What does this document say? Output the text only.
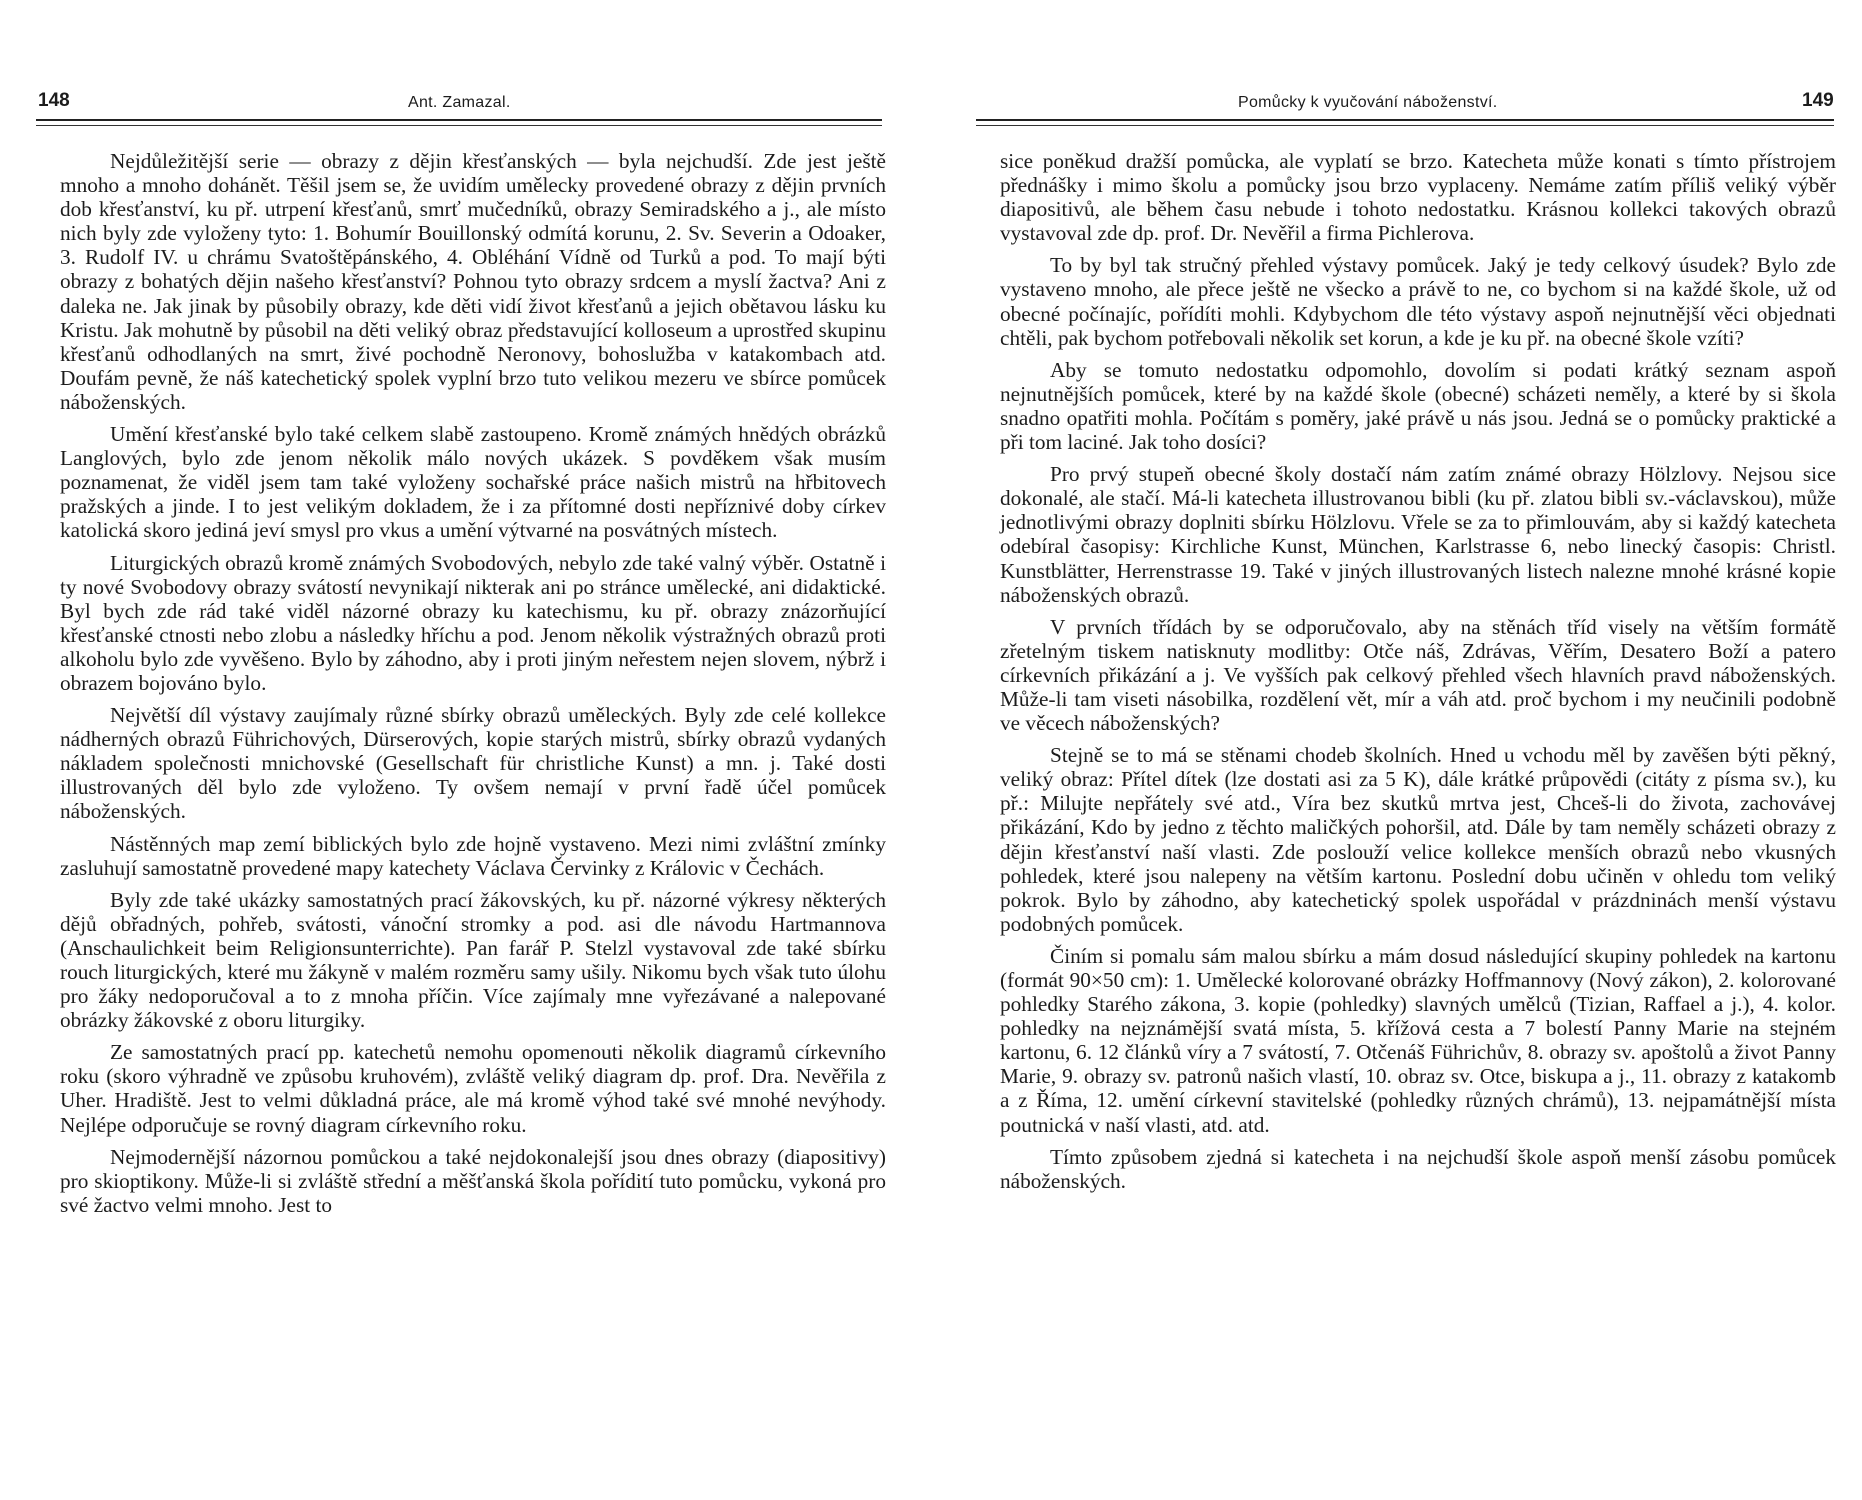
148	Ant. Zamazal.

Nejdůležitější serie — obrazy z dějin křesťanských — byla nejchudší. Zde jest ještě mnoho a mnoho dohánět. Těšil jsem se, že uvidím umělecky provedené obrazy z dějin prvních dob křesťanství, ku př. utrpení křesťanů, smrť mučedníků, obrazy Semiradského a j., ale místo nich byly zde vyloženy tyto: 1. Bohumír Bouillonský odmítá korunu, 2. Sv. Severin a Odoaker, 3. Rudolf IV. u chrámu Svatoštěpánského, 4. Obléhání Vídně od Turků a pod. To mají býti obrazy z bohatých dějin našeho křesťanství? Pohnou tyto obrazy srdcem a myslí žactva? Ani z daleka ne. Jak jinak by působily obrazy, kde děti vidí život křesťanů a jejich obětavou lásku ku Kristu. Jak mohutně by působil na děti veliký obraz představující kolloseum a uprostřed skupinu křesťanů odhodlaných na smrt, živé pochodně Neronovy, bohoslužba v katakombach atd. Doufám pevně, že náš katechetický spolek vyplní brzo tuto velikou mezeru ve sbírce pomůcek náboženských.

Umění křesťanské bylo také celkem slabě zastoupeno. Kromě známých hnědých obrázků Langlových, bylo zde jenom několik málo nových ukázek. S povděkem však musím poznamenat, že viděl jsem tam také vyloženy sochařské práce našich mistrů na hřbitovech pražských a jinde. I to jest velikým dokladem, že i za přítomné dosti nepříznivé doby církev katolická skoro jediná jeví smysl pro vkus a umění výtvarné na posvátných místech.

Liturgických obrazů kromě známých Svobodových, nebylo zde také valný výběr. Ostatně i ty nové Svobodovy obrazy svátostí nevynikají nikterak ani po stránce umělecké, ani didaktické. Byl bych zde rád také viděl názorné obrazy ku katechismu, ku př. obrazy znázorňující křesťanské ctnosti nebo zlobu a následky hříchu a pod. Jenom několik výstražných obrazů proti alkoholu bylo zde vyvěšeno. Bylo by záhodno, aby i proti jiným neřestem nejen slovem, nýbrž i obrazem bojováno bylo.

Největší díl výstavy zaujímaly různé sbírky obrazů uměleckých. Byly zde celé kollekce nádherných obrazů Führichových, Dürserových, kopie starých mistrů, sbírky obrazů vydaných nákladem společnosti mnichovské (Gesellschaft für christliche Kunst) a mn. j. Také dosti illustrovaných děl bylo zde vyloženo. Ty ovšem nemají v první řadě účel pomůcek náboženských.

Nástěnných map zemí biblických bylo zde hojně vystaveno. Mezi nimi zvláštní zmínky zasluhují samostatně provedené mapy katechety Václava Červinky z Královic v Čechách.

Byly zde také ukázky samostatných prací žákovských, ku př. názorné výkresy některých dějů obřadných, pohřeb, svátosti, vánoční stromky a pod. asi dle návodu Hartmannova (Anschaulichkeit beim Religionsunterrichte). Pan farář P. Stelzl vystavoval zde také sbírku rouch liturgických, které mu žákyně v malém rozměru samy ušily. Nikomu bych však tuto úlohu pro žáky nedoporučoval a to z mnoha příčin. Více zajímaly mne vyřezávané a nalepované obrázky žákovské z oboru liturgiky.

Ze samostatných prací pp. katechetů nemohu opomenouti několik diagramů církevního roku (skoro výhradně ve způsobu kruhovém), zvláště veliký diagram dp. prof. Dra. Nevěřila z Uher. Hradiště. Jest to velmi důkladná práce, ale má kromě výhod také své mnohé nevýhody. Nejlépe odporučuje se rovný diagram církevního roku.

Nejmodernější názornou pomůckou a také nejdokonalejší jsou dnes obrazy (diapositivy) pro skioptikony. Může-li si zvláště střední a měšťanská škola pořídití tuto pomůcku, vykoná pro své žactvo velmi mnoho. Jest to

Pomůcky k vyučování náboženství.	149

sice poněkud dražší pomůcka, ale vyplatí se brzo. Katecheta může konati s tímto přístrojem přednášky i mimo školu a pomůcky jsou brzo vyplaceny. Nemáme zatím příliš veliký výběr diapositivů, ale během času nebude i tohoto nedostatku. Krásnou kollekci takových obrazů vystavoval zde dp. prof. Dr. Nevěřil a firma Pichlerova.

To by byl tak stručný přehled výstavy pomůcek. Jaký je tedy celkový úsudek? Bylo zde vystaveno mnoho, ale přece ještě ne všecko a právě to ne, co bychom si na každé škole, už od obecné počínajíc, pořídíti mohli. Kdybychom dle této výstavy aspoň nejnutnější věci objednati chtěli, pak bychom potřebovali několik set korun, a kde je ku př. na obecné škole vzíti?

Aby se tomuto nedostatku odpomohlo, dovolím si podati krátký seznam aspoň nejnutnějších pomůcek, které by na každé škole (obecné) scházeti neměly, a které by si škola snadno opatřiti mohla. Počítám s poměry, jaké právě u nás jsou. Jedná se o pomůcky praktické a při tom laciné. Jak toho dosíci?

Pro prvý stupeň obecné školy dostačí nám zatím známé obrazy Hölzlovy. Nejsou sice dokonalé, ale stačí. Má-li katecheta illustrovanou bibli (ku př. zlatou bibli sv.-václavskou), může jednotlivými obrazy doplniti sbírku Hölzlovu. Vřele se za to přimlouvám, aby si každý katecheta odebíral časopisy: Kirchliche Kunst, München, Karlstrasse 6, nebo linecký časopis: Christl. Kunstblätter, Herrenstrasse 19. Také v jiných illustrovaných listech nalezne mnohé krásné kopie náboženských obrazů.

V prvních třídách by se odporučovalo, aby na stěnách tříd visely na větším formátě zřetelným tiskem natisknuty modlitby: Otče náš, Zdrávas, Věřím, Desatero Boží a patero církevních přikázání a j. Ve vyšších pak celkový přehled všech hlavních pravd náboženských. Může-li tam viseti násobilka, rozdělení vět, mír a váh atd. proč bychom i my neučinili podobně ve věcech náboženských?

Stejně se to má se stěnami chodeb školních. Hned u vchodu měl by zavěšen býti pěkný, veliký obraz: Přítel dítek (lze dostati asi za 5 K), dále krátké průpovědi (citáty z písma sv.), ku př.: Milujte nepřátely své atd., Víra bez skutků mrtva jest, Chceš-li do života, zachovávej přikázání, Kdo by jedno z těchto maličkých pohoršil, atd. Dále by tam neměly scházeti obrazy z dějin křesťanství naší vlasti. Zde poslouží velice kollekce menších obrazů nebo vkusných pohledek, které jsou nalepeny na větším kartonu. Poslední dobu učiněn v ohledu tom veliký pokrok. Bylo by záhodno, aby katechetický spolek uspořádal v prázdninách menší výstavu podobných pomůcek.

Činím si pomalu sám malou sbírku a mám dosud následující skupiny pohledek na kartonu (formát 90×50 cm): 1. Umělecké kolorované obrázky Hoffmannovy (Nový zákon), 2. kolorované pohledky Starého zákona, 3. kopie (pohledky) slavných umělců (Tizian, Raffael a j.), 4. kolor. pohledky na nejznámější svatá místa, 5. křížová cesta a 7 bolestí Panny Marie na stejném kartonu, 6. 12 článků víry a 7 svátostí, 7. Otčenáš Führichův, 8. obrazy sv. apoštolů a život Panny Marie, 9. obrazy sv. patronů našich vlastí, 10. obraz sv. Otce, biskupa a j., 11. obrazy z katakomb a z Říma, 12. umění církevní stavitelské (pohledky různých chrámů), 13. nejpamátnější místa poutnická v naší vlasti, atd. atd.

Tímto způsobem zjedná si katecheta i na nejchudší škole aspoň menší zásobu pomůcek náboženských.
